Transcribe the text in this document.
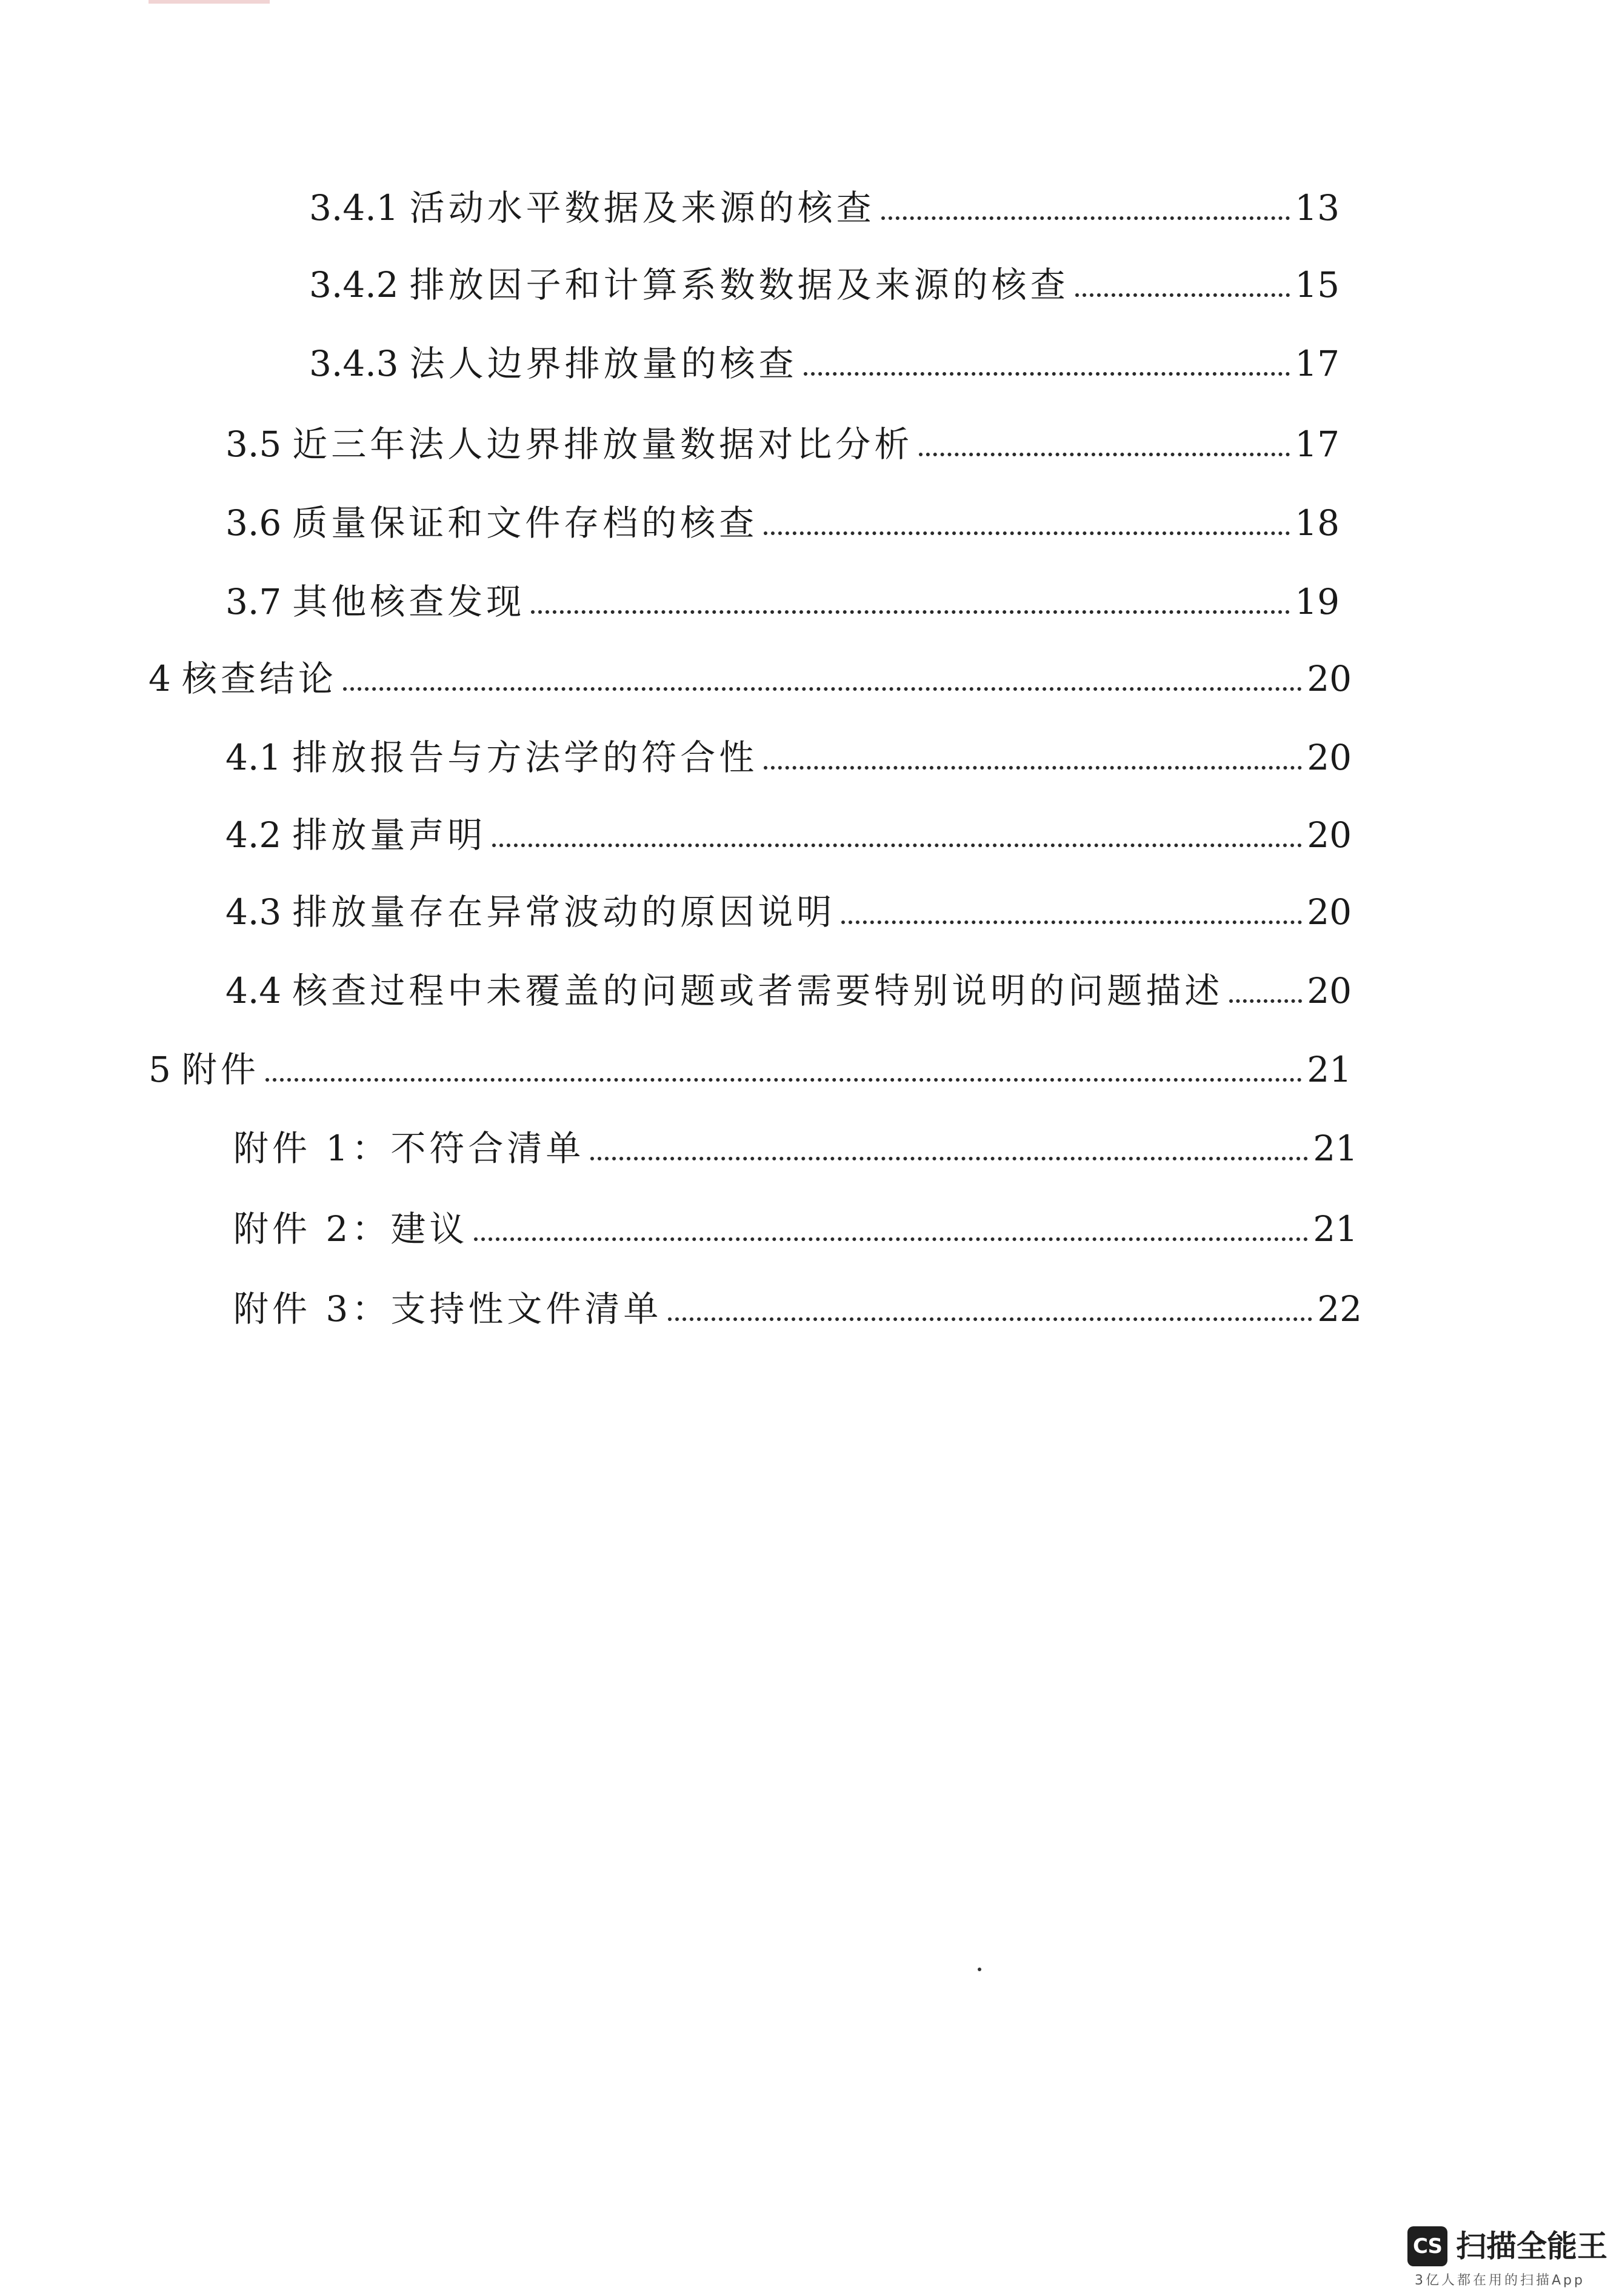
3.4.1 活动水平数据及来源的核查	13
3.4.2 排放因子和计算系数数据及来源的核查	15
3.4.3 法人边界排放量的核查	17
3.5 近三年法人边界排放量数据对比分析	17
3.6 质量保证和文件存档的核查	18
3.7 其他核查发现	19
4 核查结论	20
4.1 排放报告与方法学的符合性	20
4.2 排放量声明	20
4.3 排放量存在异常波动的原因说明	20
4.4 核查过程中未覆盖的问题或者需要特别说明的问题描述 20
5 附件	21
附件 1：不符合清单	21
附件 2：建议	21
附件 3：支持性文件清单	22
CS 扫描全能王
3亿人都在用的扫描App
